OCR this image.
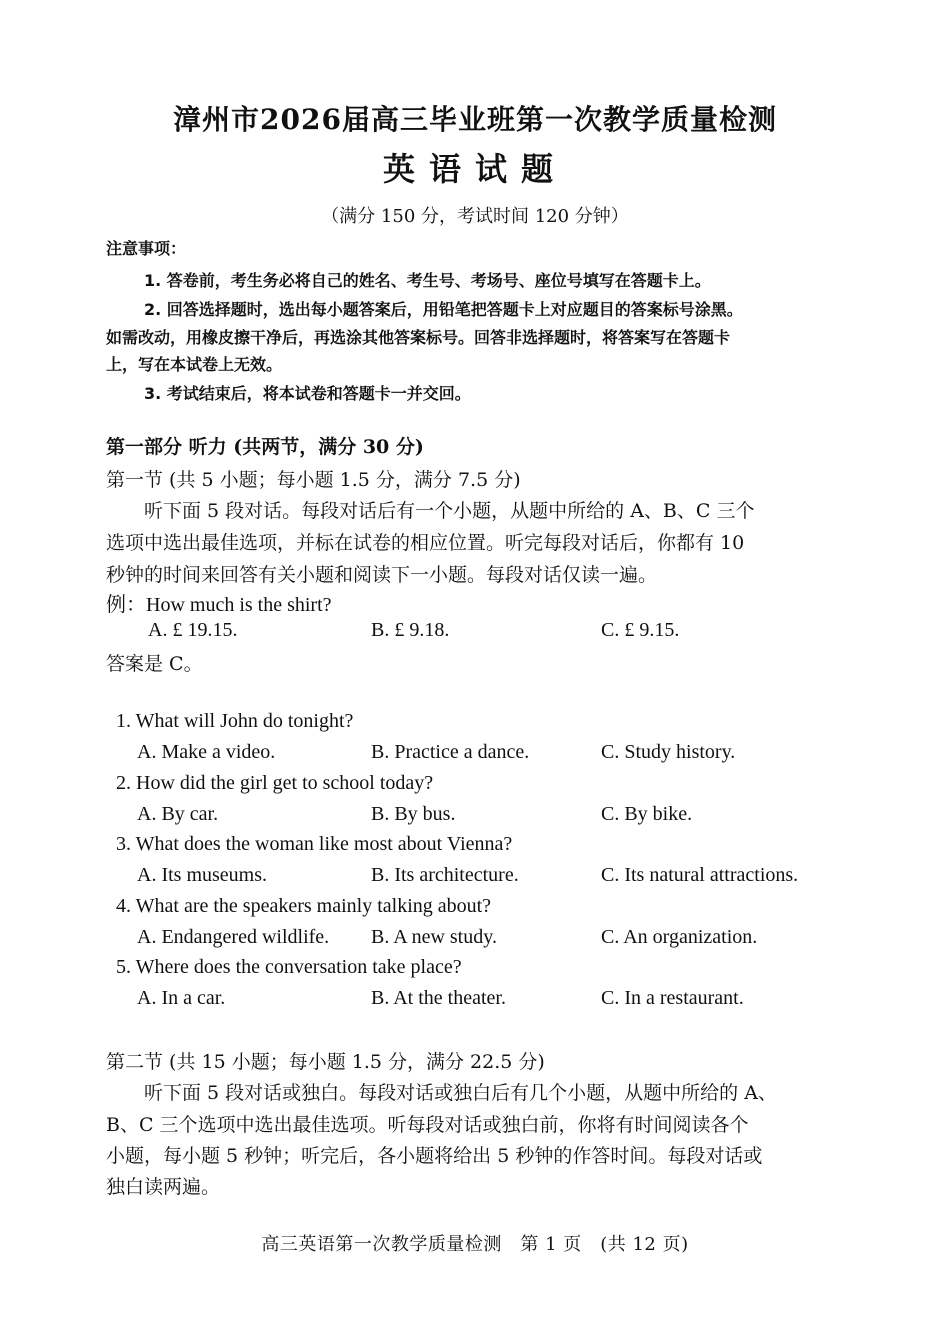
漳州市2026届高三毕业班第一次教学质量检测
英语试题
（满分 150 分，考试时间 120 分钟）
注意事项：
1. 答卷前，考生务必将自己的姓名、考生号、考场号、座位号填写在答题卡上。
2. 回答选择题时，选出每小题答案后，用铅笔把答题卡上对应题目的答案标号涂黑。
如需改动，用橡皮擦干净后，再选涂其他答案标号。回答非选择题时，将答案写在答题卡
上，写在本试卷上无效。
3. 考试结束后，将本试卷和答题卡一并交回。
第一部分 听力 (共两节，满分 30 分)
第一节 (共 5 小题；每小题 1.5 分，满分 7.5 分)
听下面 5 段对话。每段对话后有一个小题，从题中所给的 A、B、C 三个
选项中选出最佳选项，并标在试卷的相应位置。听完每段对话后，你都有 10
秒钟的时间来回答有关小题和阅读下一小题。每段对话仅读一遍。
例：How much is the shirt?
A. £ 19.15.	B. £ 9.18.	C. £ 9.15.
答案是 C。
1. What will John do tonight?
A. Make a video.	B. Practice a dance.	C. Study history.
2. How did the girl get to school today?
A. By car.	B. By bus.	C. By bike.
3. What does the woman like most about Vienna?
A. Its museums.	B. Its architecture.	C. Its natural attractions.
4. What are the speakers mainly talking about?
A. Endangered wildlife. B. A new study.	C. An organization.
5. Where does the conversation take place?
A. In a car.	B. At the theater.	C. In a restaurant.
第二节 (共 15 小题；每小题 1.5 分，满分 22.5 分)
听下面 5 段对话或独白。每段对话或独白后有几个小题，从题中所给的 A、
B、C 三个选项中选出最佳选项。听每段对话或独白前，你将有时间阅读各个
小题，每小题 5 秒钟；听完后，各小题将给出 5 秒钟的作答时间。每段对话或
独白读两遍。
高三英语第一次教学质量检测　第 1 页　(共 12 页)
